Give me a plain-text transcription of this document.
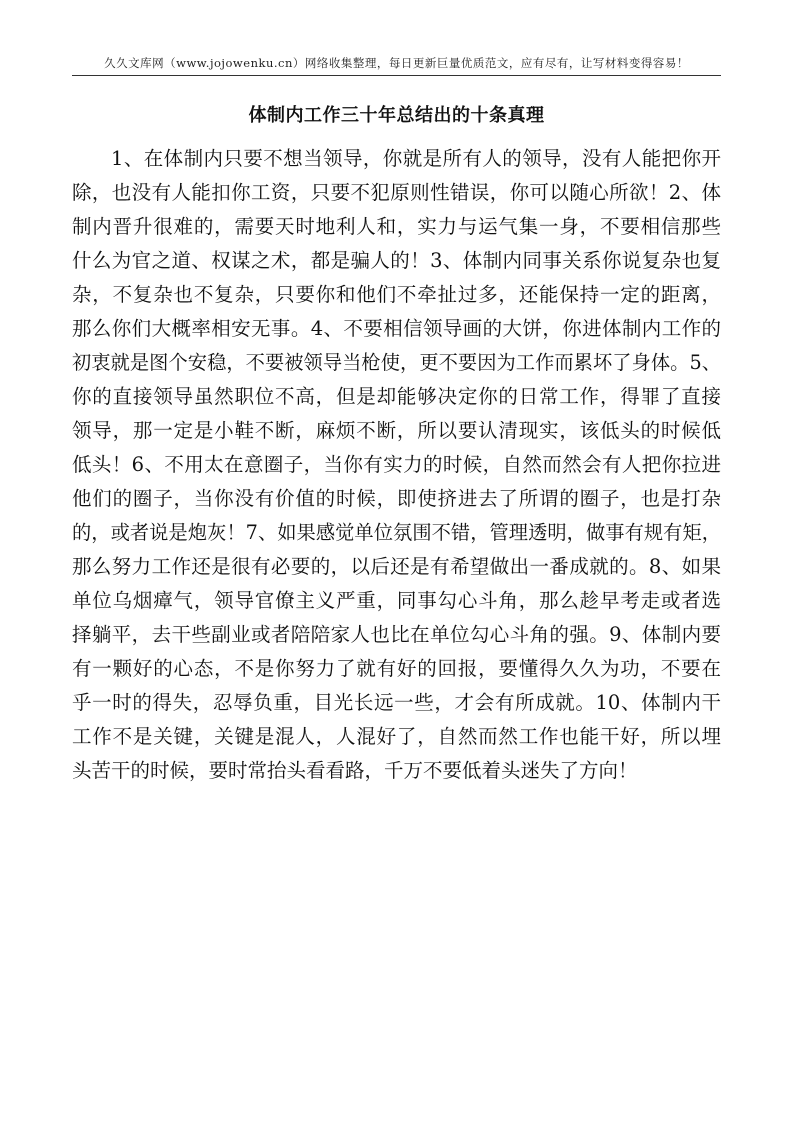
久久文库网（www.jojowenku.cn）网络收集整理，每日更新巨量优质范文，应有尽有，让写材料变得容易！
体制内工作三十年总结出的十条真理
1、在体制内只要不想当领导，你就是所有人的领导，没有人能把你开
除，也没有人能扣你工资，只要不犯原则性错误，你可以随心所欲！2、体
制内晋升很难的，需要天时地利人和，实力与运气集一身，不要相信那些
什么为官之道、权谋之术，都是骗人的！3、体制内同事关系你说复杂也复
杂，不复杂也不复杂，只要你和他们不牵扯过多，还能保持一定的距离，
那么你们大概率相安无事。4、不要相信领导画的大饼，你进体制内工作的
初衷就是图个安稳，不要被领导当枪使，更不要因为工作而累坏了身体。5、
你的直接领导虽然职位不高，但是却能够决定你的日常工作，得罪了直接
领导，那一定是小鞋不断，麻烦不断，所以要认清现实，该低头的时候低
低头！6、不用太在意圈子，当你有实力的时候，自然而然会有人把你拉进
他们的圈子，当你没有价值的时候，即使挤进去了所谓的圈子，也是打杂
的，或者说是炮灰！7、如果感觉单位氛围不错，管理透明，做事有规有矩，
那么努力工作还是很有必要的，以后还是有希望做出一番成就的。8、如果
单位乌烟瘴气，领导官僚主义严重，同事勾心斗角，那么趁早考走或者选
择躺平，去干些副业或者陪陪家人也比在单位勾心斗角的强。9、体制内要
有一颗好的心态，不是你努力了就有好的回报，要懂得久久为功，不要在
乎一时的得失，忍辱负重，目光长远一些，才会有所成就。10、体制内干
工作不是关键，关键是混人，人混好了，自然而然工作也能干好，所以埋
头苦干的时候，要时常抬头看看路，千万不要低着头迷失了方向！
